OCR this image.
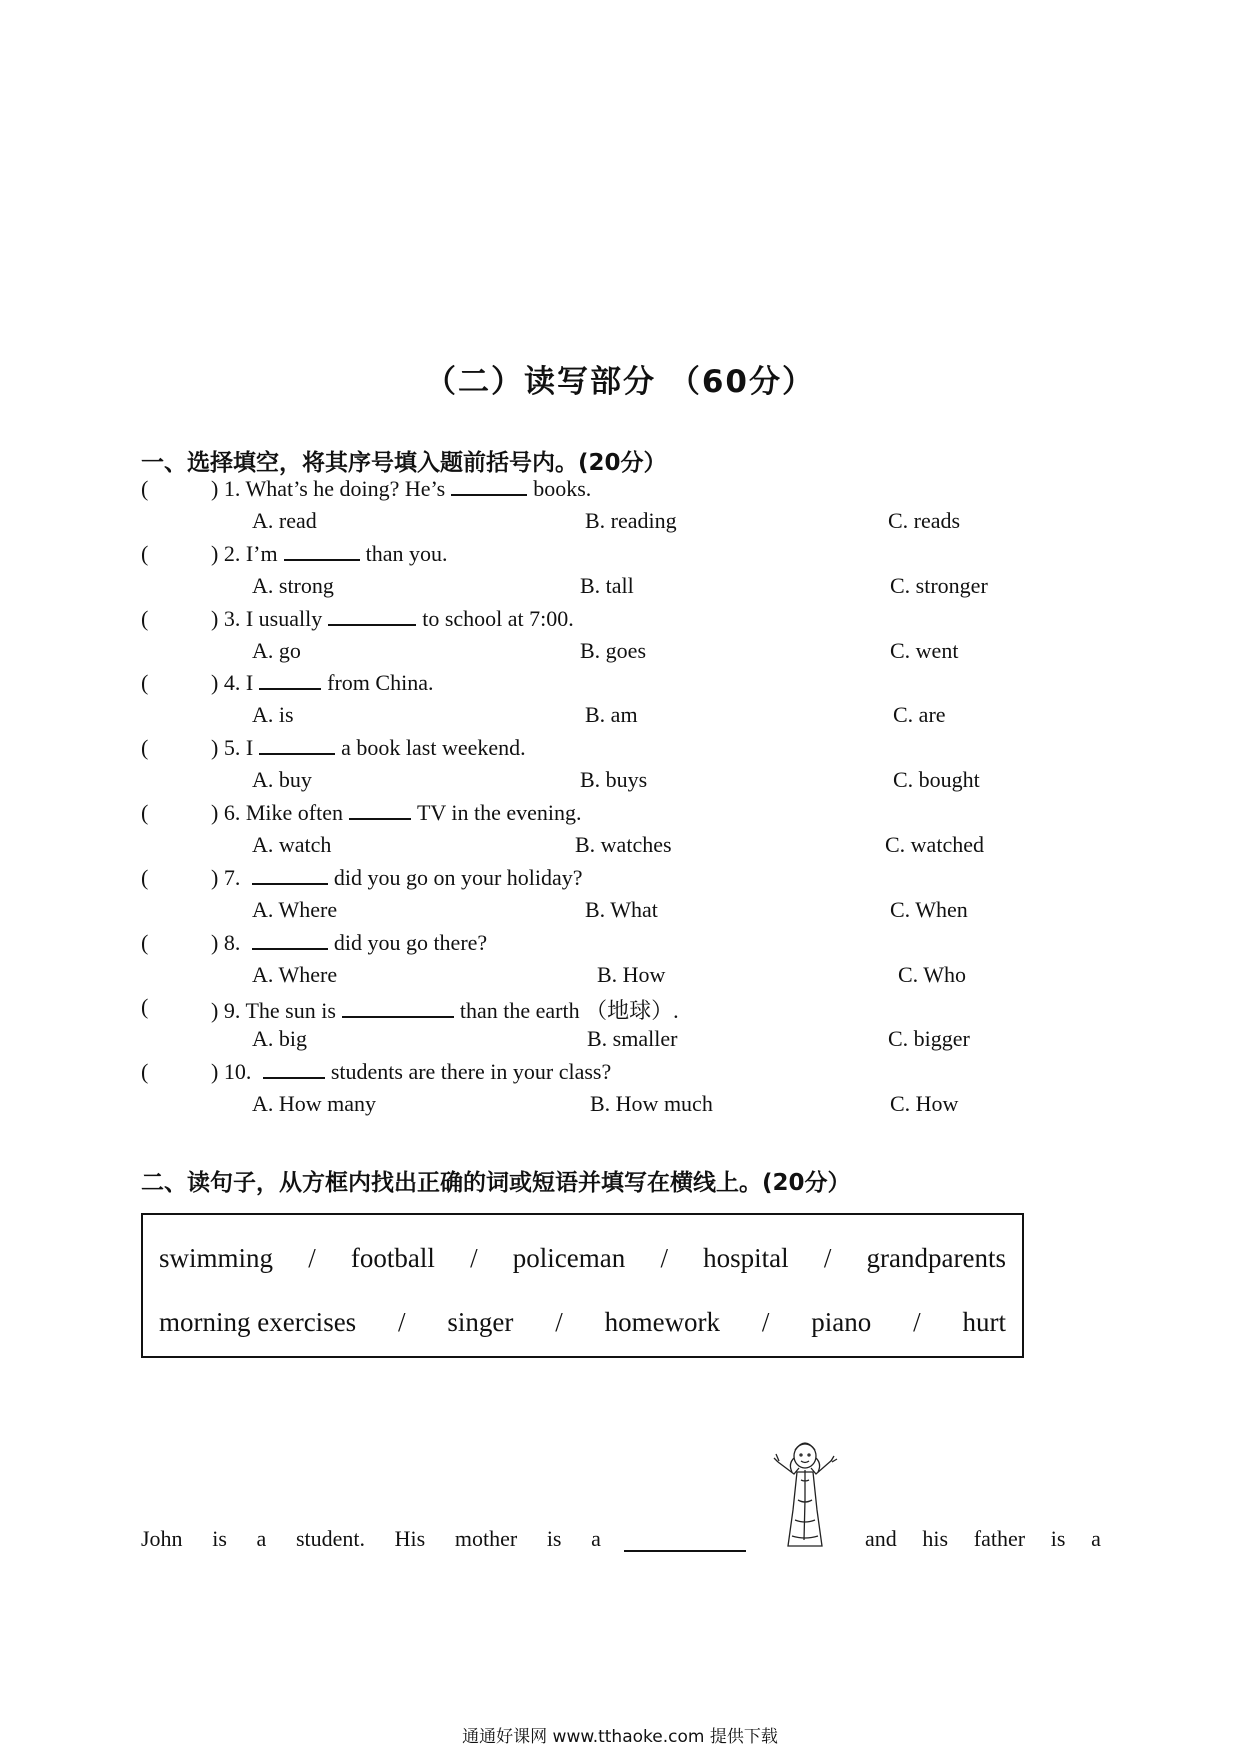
（二）读写部分 （60分）
一、选择填空，将其序号填入题前括号内。(20分）
(	) 1. What’s he doing? He’s	books.
A. read	B. reading	C. reads
(	) 2. I’m	than you.
A. strong	B. tall	C. stronger
(	) 3. I usually	to school at 7:00.
A. go	B. goes	C. went
(	) 4. I	from China.
A. is	B. am	C. are
(	) 5. I	a book last weekend.
A. buy	B. buys	C. bought
(	) 6. Mike often	TV in the evening.
A. watch	B. watches	C. watched
(	) 7.	did you go on your holiday?
A. Where	B. What	C. When
(	) 8.	did you go there?
A. Where	B. How	C. Who
(	) 9. The sun is	than the earth （地球）.
A. big	B. smaller	C. bigger
(	) 10.	students are there in your class?
A. How many	B. How much	C. How
二、读句子，从方框内找出正确的词或短语并填写在横线上。(20分）
swimming / football / policeman / hospital / grandparents
morning exercises / singer / homework / piano / hurt
John is a student. His mother is a	and his father is a
通通好课网 www.tthaoke.com 提供下载
